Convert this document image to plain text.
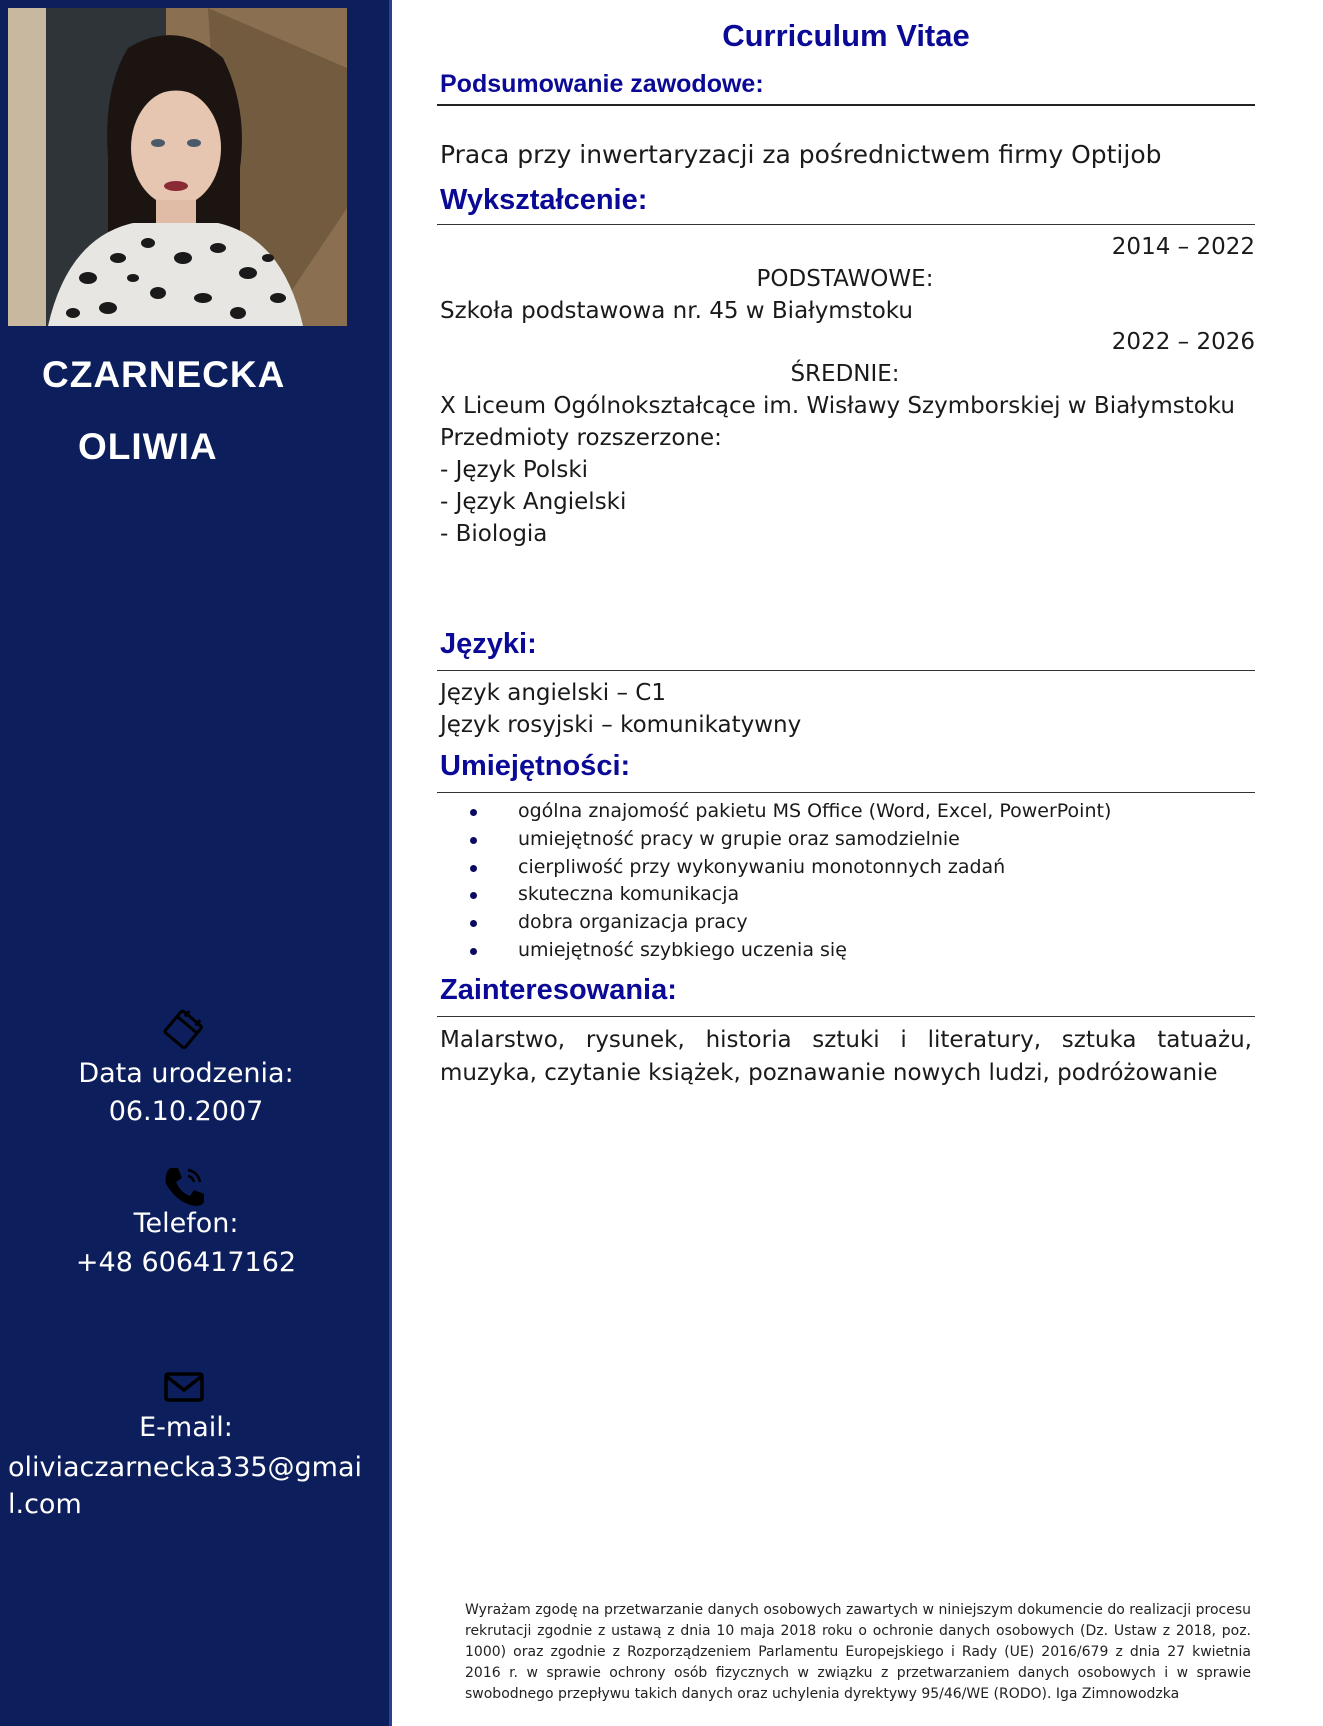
CZARNECKA
OLIWIA
Data urodzenia:
06.10.2007
Telefon:
+48 606417162
E-mail:
oliviaczarnecka335@gmail.com
Curriculum Vitae
Podsumowanie zawodowe:
Praca przy inwertaryzacji za pośrednictwem firmy Optijob
Wykształcenie:
2014 – 2022
PODSTAWOWE:
Szkoła podstawowa nr. 45 w Białymstoku
2022 – 2026
ŚREDNIE:
X Liceum Ogólnokształcące im. Wisławy Szymborskiej w Białymstoku
Przedmioty rozszerzone:
- Język Polski
- Język Angielski
- Biologia
Języki:
Język angielski – C1
Język rosyjski – komunikatywny
Umiejętności:
ogólna znajomość pakietu MS Office (Word, Excel, PowerPoint)
umiejętność pracy w grupie oraz samodzielnie
cierpliwość przy wykonywaniu monotonnych zadań
skuteczna komunikacja
dobra organizacja pracy
umiejętność szybkiego uczenia się
Zainteresowania:
Malarstwo, rysunek, historia sztuki i literatury, sztuka tatuażu, muzyka, czytanie książek, poznawanie nowych ludzi, podróżowanie
Wyrażam zgodę na przetwarzanie danych osobowych zawartych w niniejszym dokumencie do realizacji procesu rekrutacji zgodnie z ustawą z dnia 10 maja 2018 roku o ochronie danych osobowych (Dz. Ustaw z 2018, poz. 1000) oraz zgodnie z Rozporządzeniem Parlamentu Europejskiego i Rady (UE) 2016/679 z dnia 27 kwietnia 2016 r. w sprawie ochrony osób fizycznych w związku z przetwarzaniem danych osobowych i w sprawie swobodnego przepływu takich danych oraz uchylenia dyrektywy 95/46/WE (RODO). Iga Zimnowodzka
